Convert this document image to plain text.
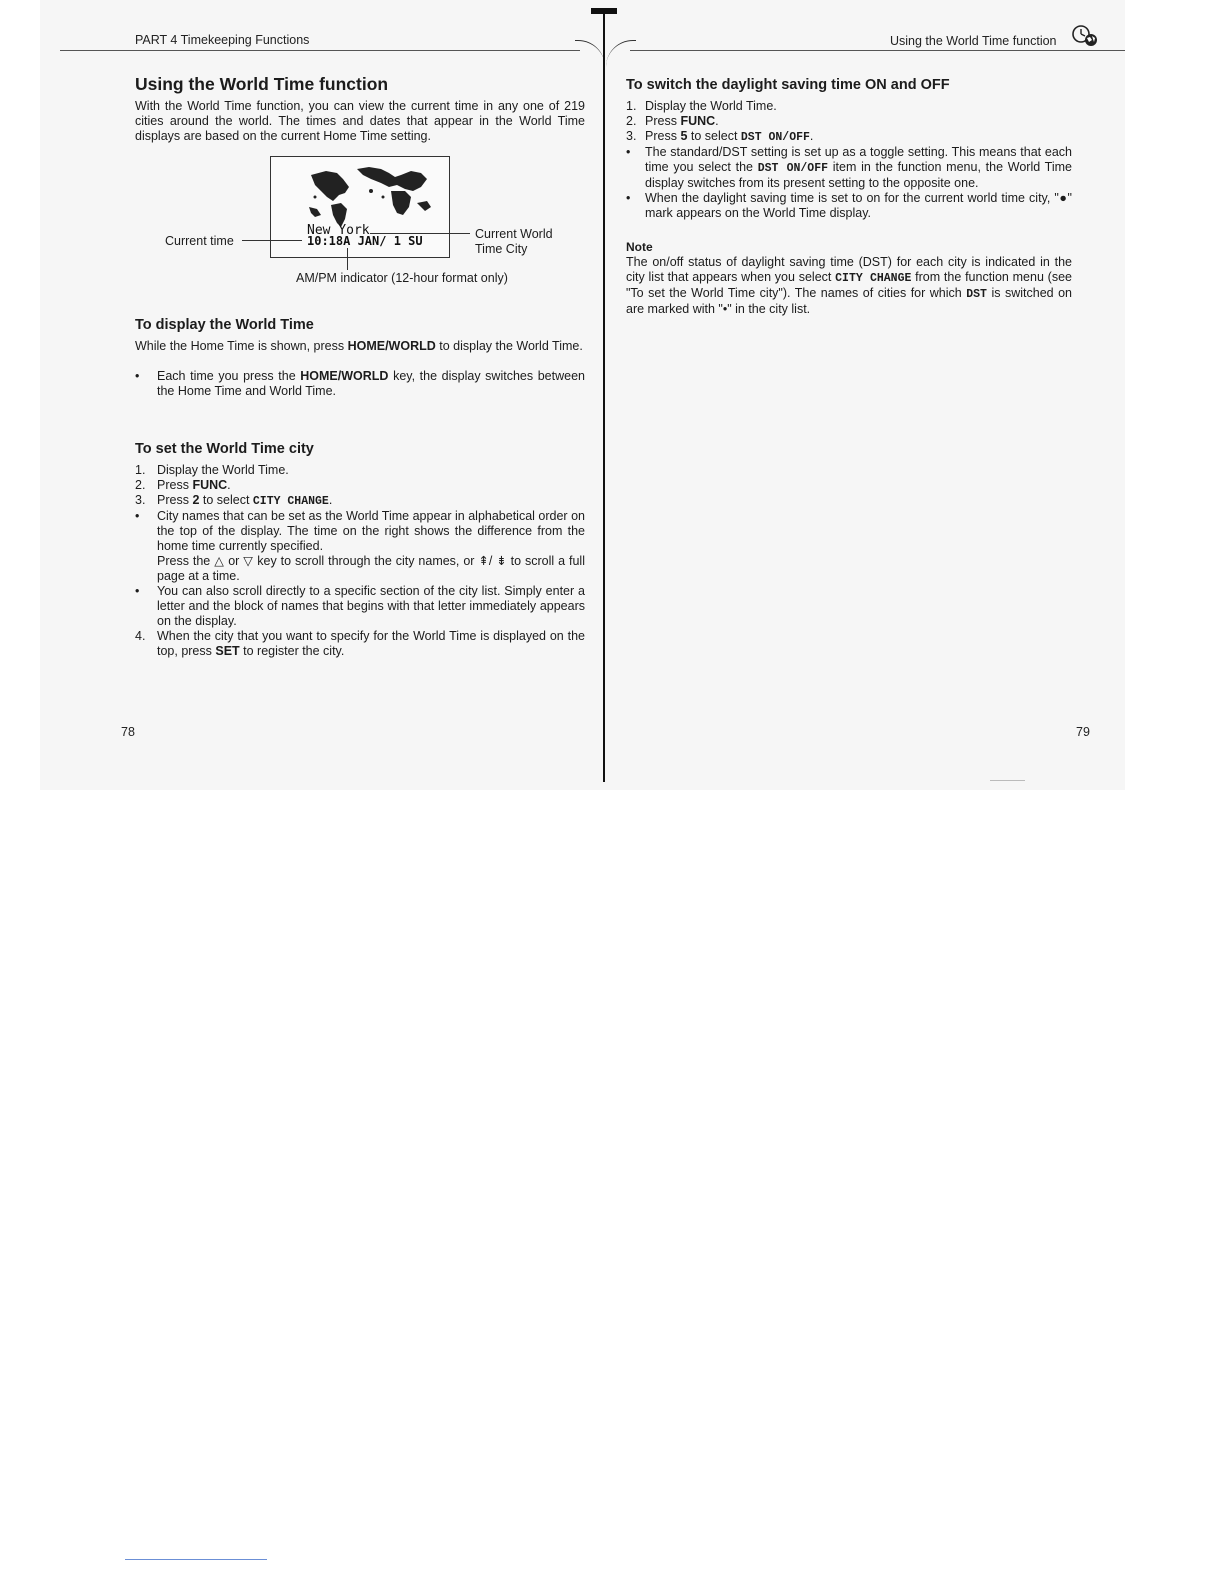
PART 4 Timekeeping Functions
Using the World Time function

With the World Time function, you can view the current time in any one of 219 cities around the world. The times and dates that appear in the World Time displays are based on the current Home Time setting.

New York
10:18A JAN/ 1 SU
Current time	Current World
Time City
AM/PM indicator (12-hour format only)
To display the World Time

While the Home Time is shown, press HOME/WORLD to display the World Time.

• Each time you press the HOME/WORLD key, the display switches between the Home Time and World Time.
To set the World Time city
1. Display the World Time.
2. Press FUNC.
3. Press 2 to select CITY CHANGE.
• City names that can be set as the World Time appear in alphabetical order on the top of the display. The time on the right shows the difference from the home time currently specified.
Press the △ or ▽ key to scroll through the city names, or ⇞/ ⇟ to scroll a full page at a time.
• You can also scroll directly to a specific section of the city list. Simply enter a letter and the block of names that begins with that letter immediately appears on the display.
4. When the city that you want to specify for the World Time is displayed on the top, press SET to register the city.
78
Using the World Time function
To switch the daylight saving time ON and OFF
1. Display the World Time.
2. Press FUNC.
3. Press 5 to select DST ON/OFF.
• The standard/DST setting is set up as a toggle setting. This means that each time you select the DST ON/OFF item in the function menu, the World Time display switches from its present setting to the opposite one.
• When the daylight saving time is set to on for the current world time city, "●" mark appears on the World Time display.
Note

The on/off status of daylight saving time (DST) for each city is indicated in the city list that appears when you select CITY CHANGE from the function menu (see "To set the World Time city"). The names of cities for which DST is switched on are marked with "•" in the city list.

79
